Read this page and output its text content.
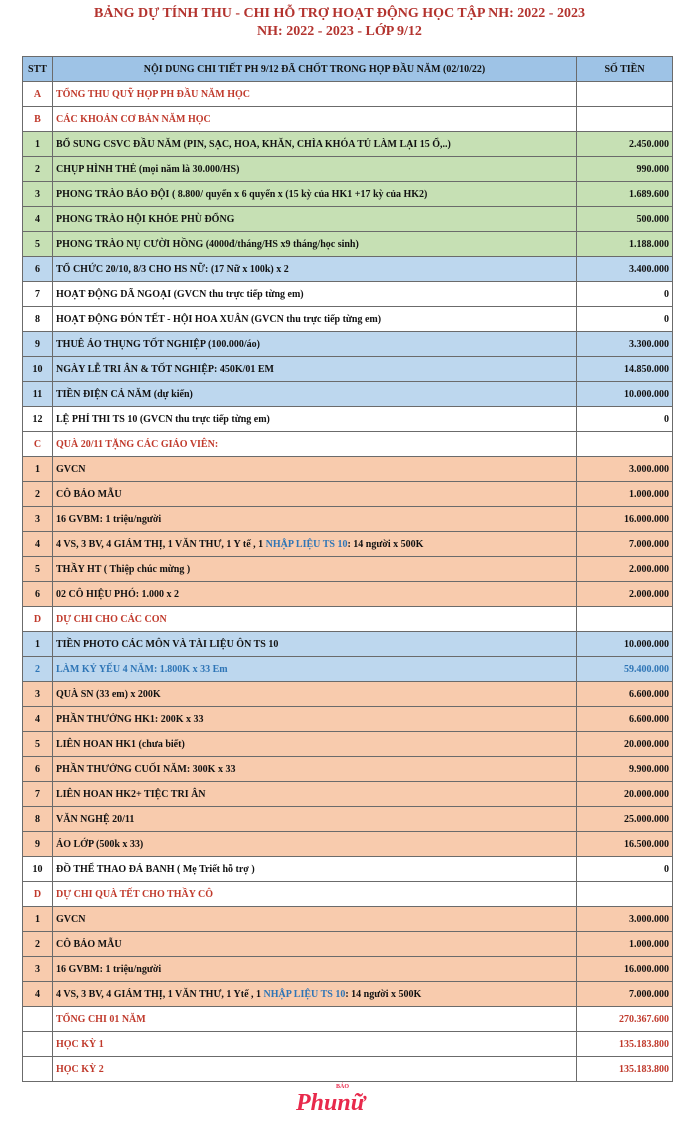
BẢNG DỰ TÍNH THU - CHI HỖ TRỢ HOẠT ĐỘNG HỌC TẬP NH: 2022 - 2023
NH: 2022 - 2023 - LỚP 9/12
STT	NỘI DUNG CHI TIẾT PH 9/12 ĐÃ CHỐT TRONG HỌP ĐẦU NĂM (02/10/22)	SỐ TIỀN
A	TỔNG THU QUỸ HỌP PH ĐẦU NĂM HỌC	
B	CÁC KHOẢN CƠ BẢN NĂM HỌC	
1	BỔ SUNG CSVC ĐẦU NĂM (PIN, SẠC, HOA, KHĂN, CHÌA KHÓA TỦ LÀM LẠI 15 Ổ,..)	2.450.000
2	CHỤP HÌNH THẺ (mọi năm là 30.000/HS)	990.000
3	PHONG TRÀO BÁO ĐỘI ( 8.800/ quyển x 6 quyển x (15 kỳ của HK1 +17 kỳ của HK2)	1.689.600
4	PHONG TRÀO HỘI KHỎE PHÙ ĐỔNG	500.000
5	PHONG TRÀO NỤ CƯỜI HỒNG (4000đ/tháng/HS x9 tháng/học sinh)	1.188.000
6	TỔ CHỨC 20/10, 8/3 CHO HS NỮ: (17 Nữ x 100k) x 2	3.400.000
7	HOẠT ĐỘNG DÃ NGOẠI (GVCN thu trực tiếp từng em)	0
8	HOẠT ĐỘNG ĐÓN TẾT - HỘI HOA XUÂN (GVCN thu trực tiếp từng em)	0
9	THUÊ ÁO THỤNG TỐT NGHIỆP (100.000/áo)	3.300.000
10	NGÀY LỄ TRI ÂN & TỐT NGHIỆP: 450K/01 EM	14.850.000
11	TIỀN ĐIỆN CẢ NĂM (dự kiến)	10.000.000
12	LỆ PHÍ THI TS 10 (GVCN thu trực tiếp từng em)	0
C	QUÀ 20/11 TẶNG CÁC GIÁO VIÊN:	
1	GVCN	3.000.000
2	CÔ BẢO MẪU	1.000.000
3	16 GVBM: 1 triệu/người	16.000.000
4	4 VS, 3 BV, 4 GIÁM THỊ, 1 VĂN THƯ, 1 Y tế , 1 NHẬP LIỆU TS 10: 14 người x 500K	7.000.000
5	THẦY HT ( Thiệp chúc mừng )	2.000.000
6	02 CÔ HIỆU PHÓ: 1.000 x 2	2.000.000
D	DỰ CHI CHO CÁC CON	
1	TIỀN PHOTO CÁC MÔN VÀ TÀI LIỆU ÔN TS 10	10.000.000
2	LÀM KỶ YẾU 4 NĂM: 1.800K x 33 Em	59.400.000
3	QUÀ SN (33 em) x 200K	6.600.000
4	PHẦN THƯỞNG HK1: 200K x 33	6.600.000
5	LIÊN HOAN HK1 (chưa biết)	20.000.000
6	PHẦN THƯỞNG CUỐI NĂM: 300K x 33	9.900.000
7	LIÊN HOAN HK2+ TIỆC TRI ÂN	20.000.000
8	VĂN NGHỆ 20/11	25.000.000
9	ÁO LỚP (500k x 33)	16.500.000
10	ĐỒ THỂ THAO ĐÁ BANH ( Mẹ Triết hỗ trợ )	0
D	DỰ CHI QUÀ TẾT CHO THẦY CÔ	
1	GVCN	3.000.000
2	CÔ BẢO MẪU	1.000.000
3	16 GVBM: 1 triệu/người	16.000.000
4	4 VS, 3 BV, 4 GIÁM THỊ, 1 VĂN THƯ, 1 Ytế , 1 NHẬP LIỆU TS 10: 14 người x 500K	7.000.000
	TỔNG CHI 01 NĂM	270.367.600
	HỌC KỲ 1	135.183.800
	HỌC KỲ 2	135.183.800
BÁO
Phunữ
